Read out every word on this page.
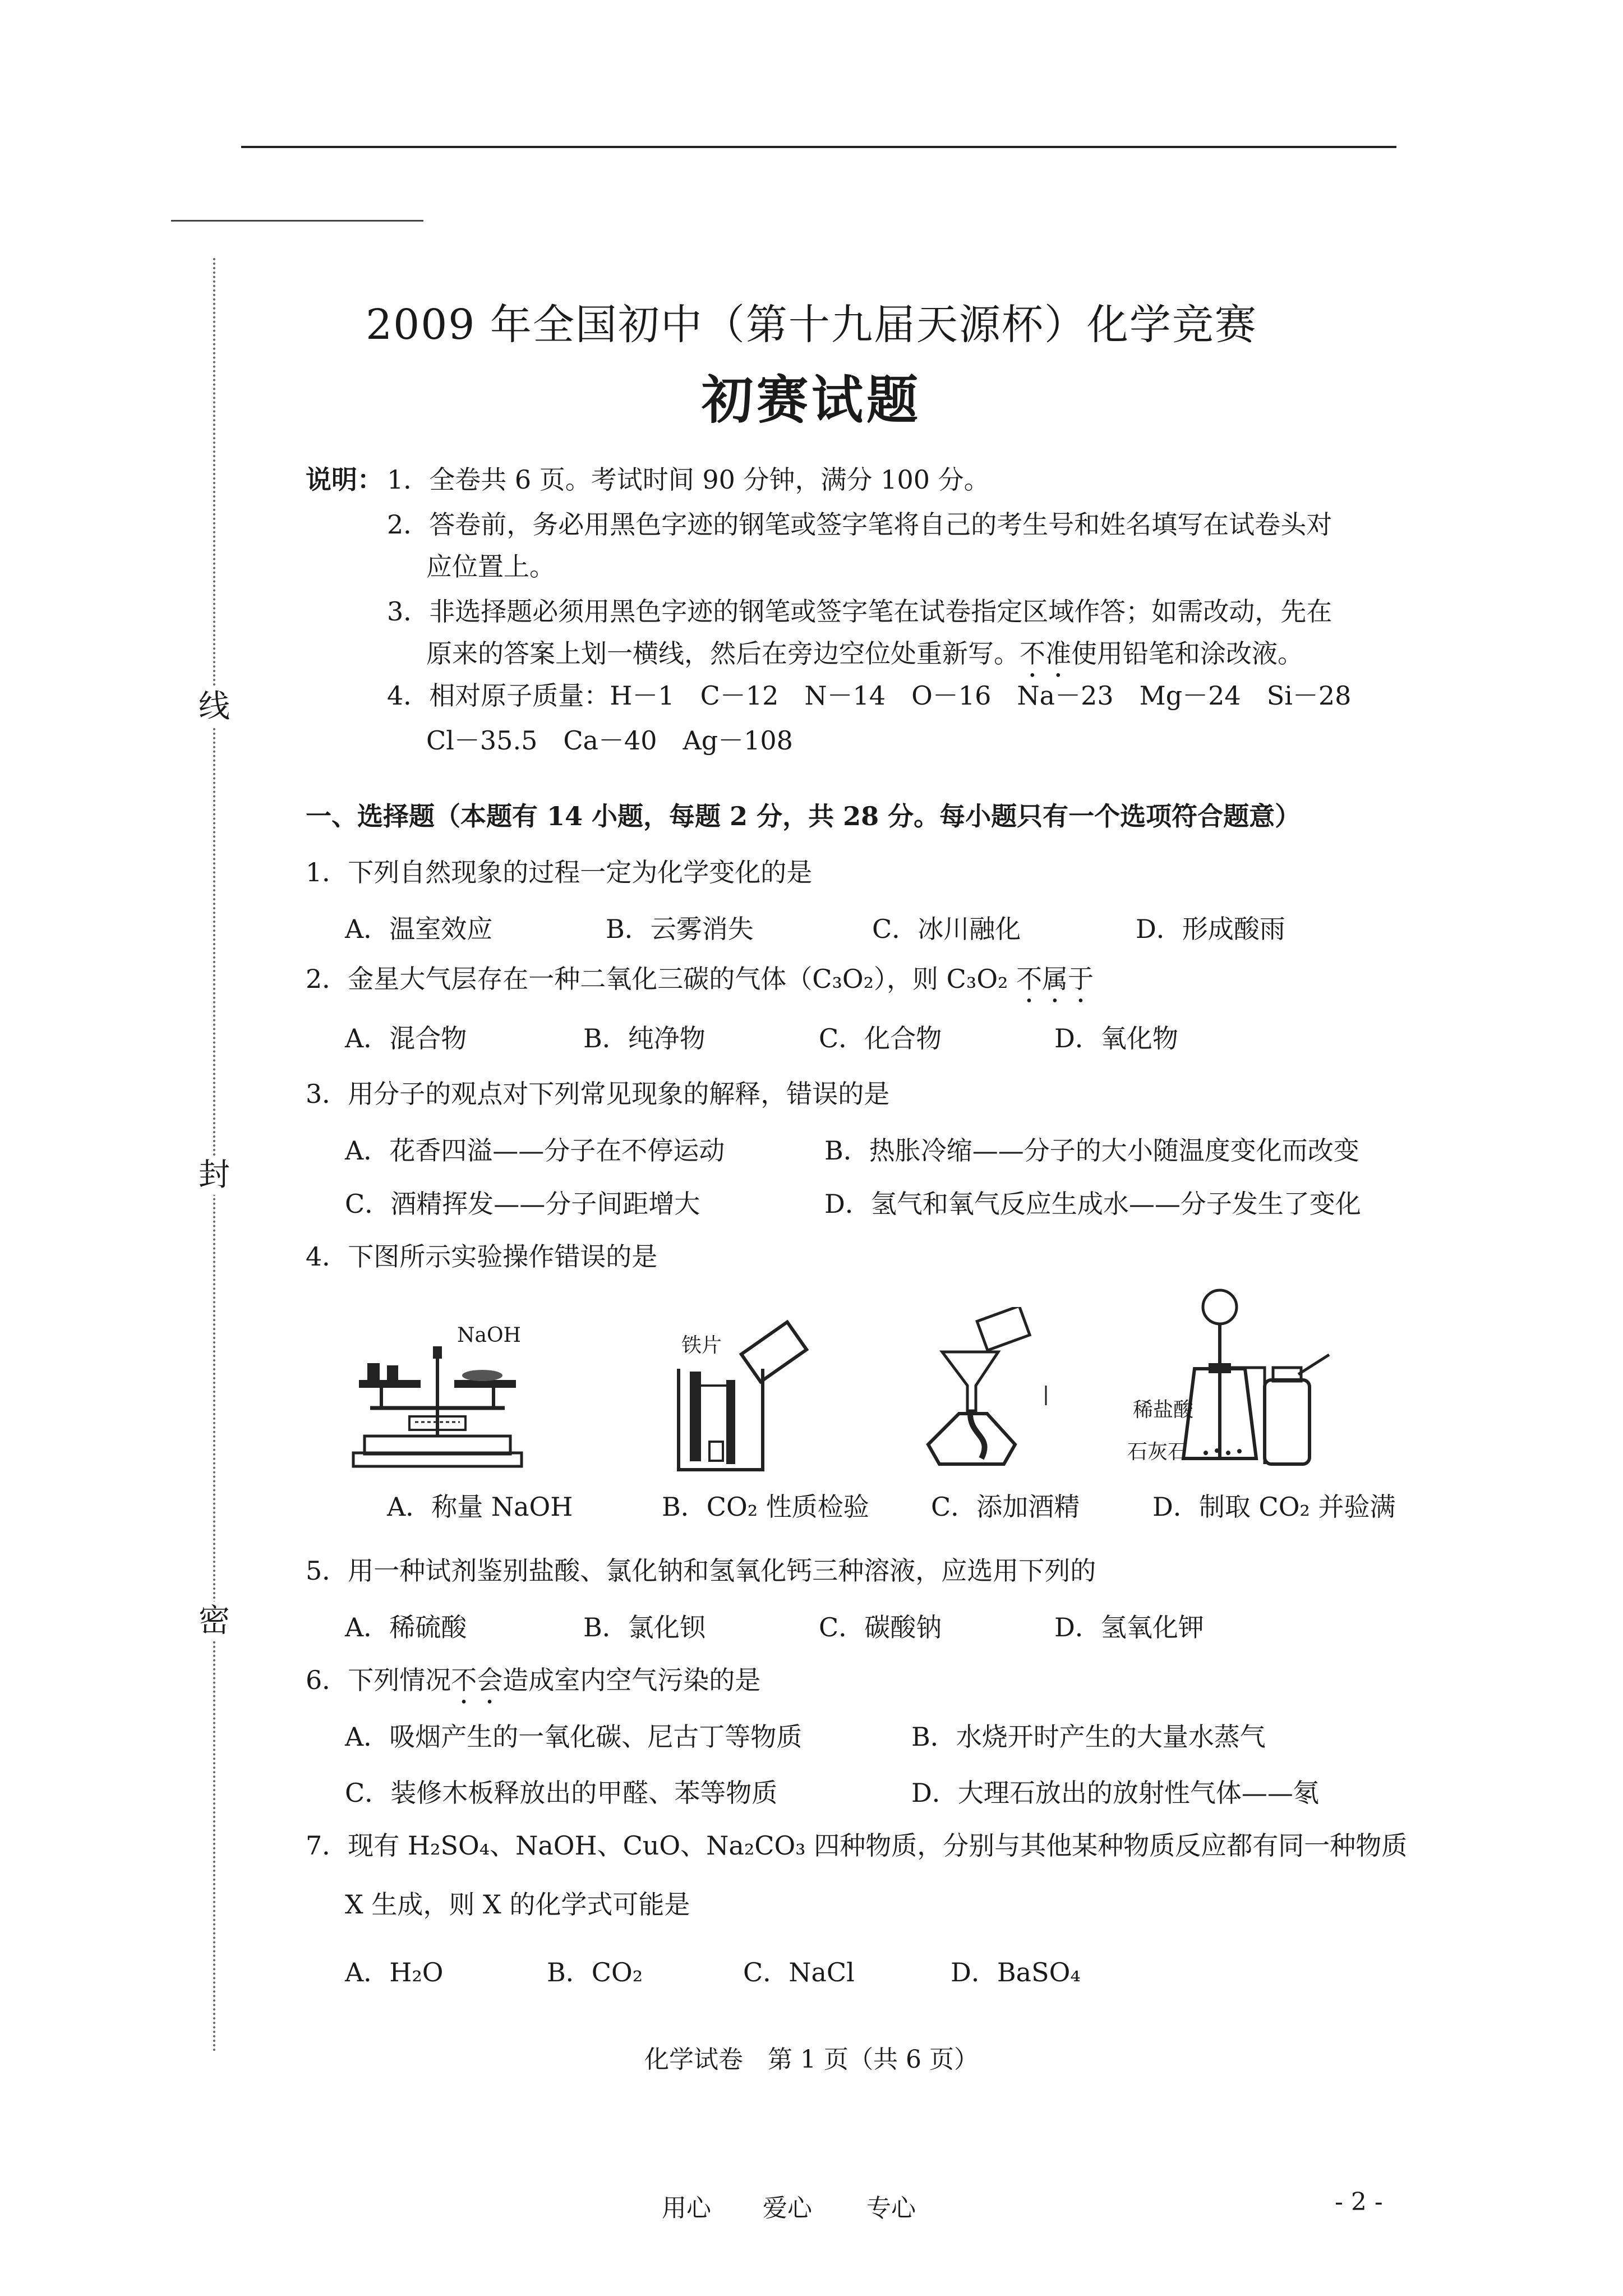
线
封
密
2009 年全国初中（第十九届天源杯）化学竞赛
初赛试题
说明： 1．全卷共 6 页。考试时间 90 分钟，满分 100 分。
2．答卷前，务必用黑色字迹的钢笔或签字笔将自己的考生号和姓名填写在试卷头对
应位置上。
3．非选择题必须用黑色字迹的钢笔或签字笔在试卷指定区域作答；如需改动，先在
原来的答案上划一横线，然后在旁边空位处重新写。不准使用铅笔和涂改液。
4．相对原子质量：H－1　C－12　N－14　O－16　Na－23　Mg－24　Si－28
Cl－35.5　Ca－40　Ag－108
一、选择题（本题有 14 小题，每题 2 分，共 28 分。每小题只有一个选项符合题意）
1．下列自然现象的过程一定为化学变化的是
A．温室效应	B．云雾消失	C．冰川融化	D．形成酸雨
2．金星大气层存在一种二氧化三碳的气体（C₃O₂），则 C₃O₂ 不属于
A．混合物	B．纯净物	C．化合物	D．氧化物
3．用分子的观点对下列常见现象的解释，错误的是
A．花香四溢——分子在不停运动	B．热胀冷缩——分子的大小随温度变化而改变
C．酒精挥发——分子间距增大	D．氢气和氧气反应生成水——分子发生了变化
4．下图所示实验操作错误的是
NaOH	铁片
稀盐酸
石灰石
A．称量 NaOH	B．CO₂ 性质检验 C．添加酒精	D．制取 CO₂ 并验满
5．用一种试剂鉴别盐酸、氯化钠和氢氧化钙三种溶液，应选用下列的
A．稀硫酸	B．氯化钡	C．碳酸钠	D．氢氧化钾
6．下列情况不会造成室内空气污染的是
A．吸烟产生的一氧化碳、尼古丁等物质	B．水烧开时产生的大量水蒸气
C．装修木板释放出的甲醛、苯等物质	D．大理石放出的放射性气体——氡
7．现有 H₂SO₄、NaOH、CuO、Na₂CO₃ 四种物质，分别与其他某种物质反应都有同一种物质
X 生成，则 X 的化学式可能是
A．H₂O	B．CO₂	C．NaCl	D．BaSO₄
化学试卷　第 1 页（共 6 页）
用心 爱心 专心	- 2 -
